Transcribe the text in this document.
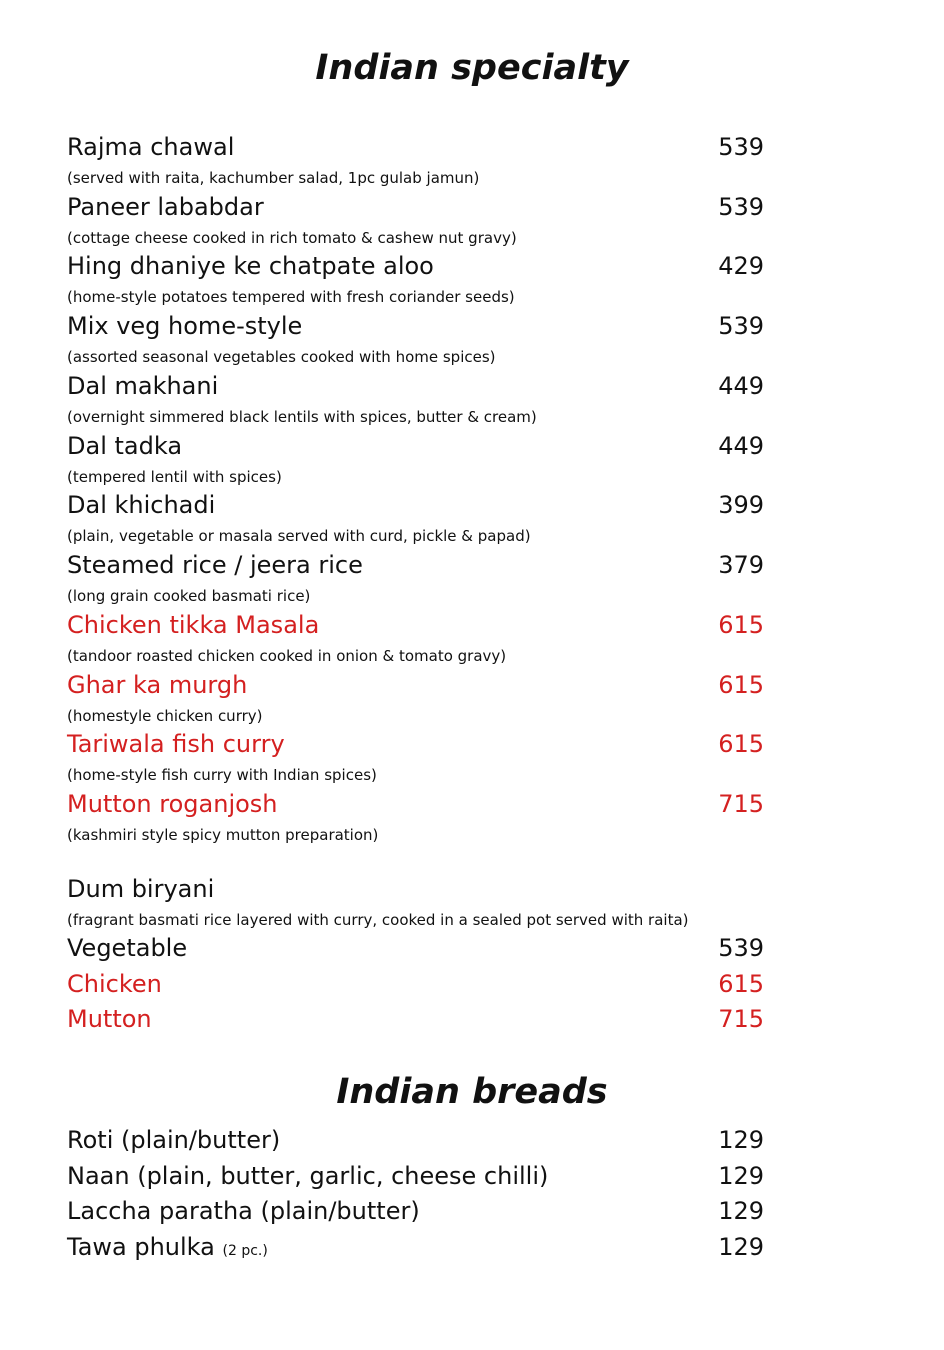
Indian specialty
Rajma chawal	539
(served with raita, kachumber salad, 1pc gulab jamun)
Paneer lababdar	539
(cottage cheese cooked in rich tomato & cashew nut gravy)
Hing dhaniye ke chatpate aloo	429
(home-style potatoes tempered with fresh coriander seeds)
Mix veg home-style	539
(assorted seasonal vegetables cooked with home spices)
Dal makhani	449
(overnight simmered black lentils with spices, butter & cream)
Dal tadka	449
(tempered lentil with spices)
Dal khichadi	399
(plain, vegetable or masala served with curd, pickle & papad)
Steamed rice / jeera rice	379
(long grain cooked basmati rice)
Chicken tikka Masala	615
(tandoor roasted chicken cooked in onion & tomato gravy)
Ghar ka murgh	615
(homestyle chicken curry)
Tariwala fish curry	615
(home-style fish curry with Indian spices)
Mutton roganjosh	715
(kashmiri style spicy mutton preparation)
Dum biryani
(fragrant basmati rice layered with curry, cooked in a sealed pot served with raita)
Vegetable	539
Chicken	615
Mutton	715
Indian breads
Roti (plain/butter)	129
Naan (plain, butter, garlic, cheese chilli)	129
Laccha paratha (plain/butter)	129
Tawa phulka (2 pc.)	129
